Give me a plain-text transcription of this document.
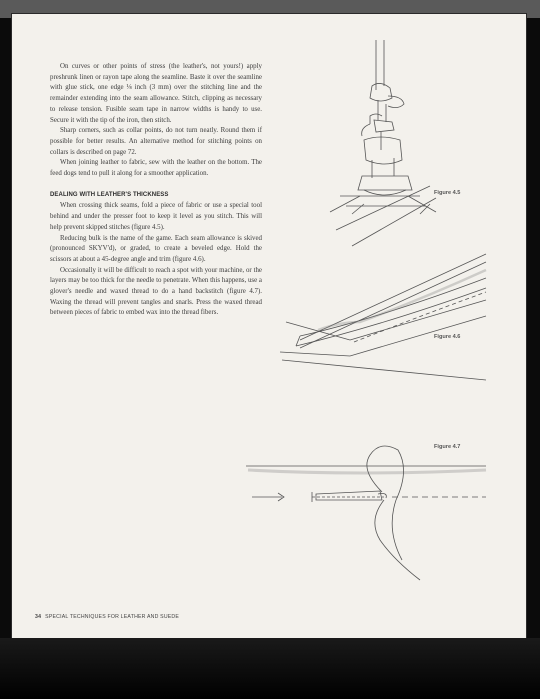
On curves or other points of stress (the leather's, not yours!) apply preshrunk linen or rayon tape along the seamline. Baste it over the seamline with glue stick, one edge ⅛ inch (3 mm) over the stitching line and the remainder extending into the seam allowance. Stitch, clipping as necessary to release tension. Fusible seam tape in narrow widths is handy to use. Secure it with the tip of the iron, then stitch.

Sharp corners, such as collar points, do not turn neatly. Round them if possible for better results. An alternative method for stitching points on collars is described on page 72.

When joining leather to fabric, sew with the leather on the bottom. The feed dogs tend to pull it along for a smoother application.

DEALING WITH LEATHER'S THICKNESS

When crossing thick seams, fold a piece of fabric or use a special tool behind and under the presser foot to keep it level as you stitch. This will help prevent skipped stitches (figure 4.5).

Reducing bulk is the name of the game. Each seam allowance is skived (pronounced SKYV'd), or graded, to create a beveled edge. Hold the scissors at about a 45-degree angle and trim (figure 4.6).

Occasionally it will be difficult to reach a spot with your machine, or the layers may be too thick for the needle to penetrate. When this happens, use a glover's needle and waxed thread to do a hand backstitch (figure 4.7). Waxing the thread will prevent tangles and snarls. Press the waxed thread between pieces of fabric to embed wax into the thread fibers.

Figure 4.5
Figure 4.6
Figure 4.7
34 SPECIAL TECHNIQUES FOR LEATHER AND SUEDE
